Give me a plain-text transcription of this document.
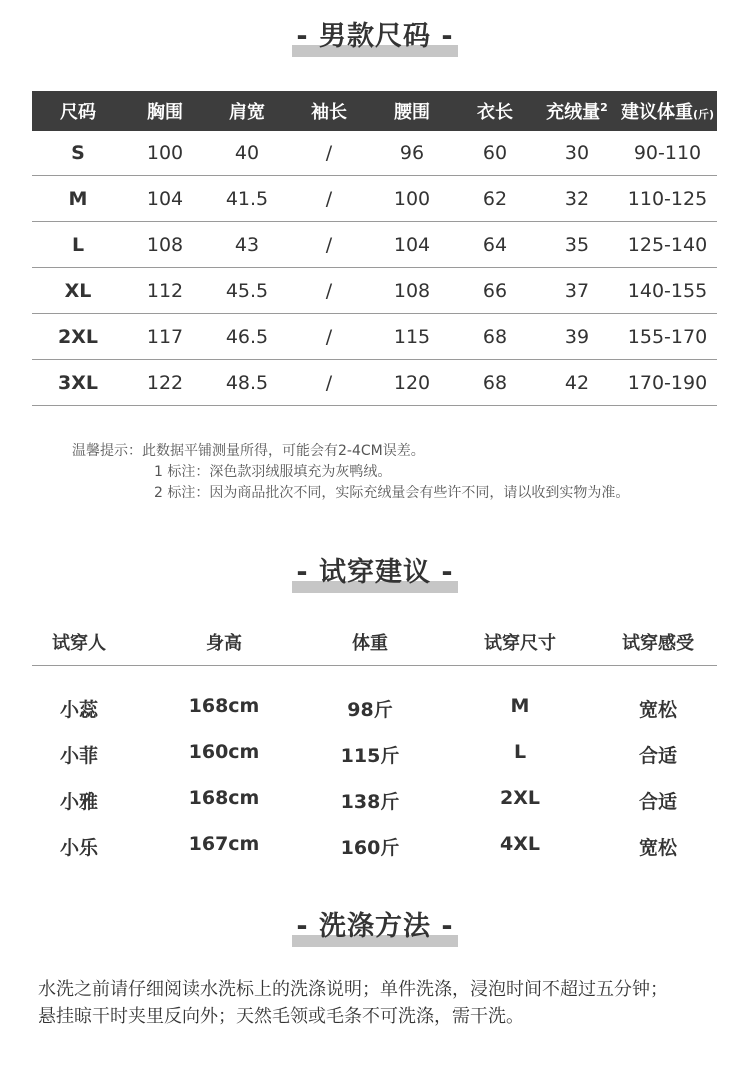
- 男款尺码 -
尺码	胸围	肩宽	袖长	腰围	衣长	充绒量$^2$	建议体重(斤)
S	100	40	/	96	60	30	90-110
M	104	41.5	/	100	62	32	110-125
L	108	43	/	104	64	35	125-140
XL	112	45.5	/	108	66	37	140-155
2XL	117	46.5	/	115	68	39	155-170
3XL	122	48.5	/	120	68	42	170-190
温馨提示：此数据平铺测量所得，可能会有2-4CM误差。
1 标注：深色款羽绒服填充为灰鸭绒。
2 标注：因为商品批次不同，实际充绒量会有些许不同，请以收到实物为准。
- 试穿建议 -
试穿人	身高	体重	试穿尺寸	试穿感受
小蕊	168cm	98斤	M	宽松
小菲	160cm	115斤	L	合适
小雅	168cm	138斤	2XL	合适
小乐	167cm	160斤	4XL	宽松
- 洗涤方法 -
水洗之前请仔细阅读水洗标上的洗涤说明；单件洗涤，浸泡时间不超过五分钟；
悬挂晾干时夹里反向外；天然毛领或毛条不可洗涤，需干洗。
